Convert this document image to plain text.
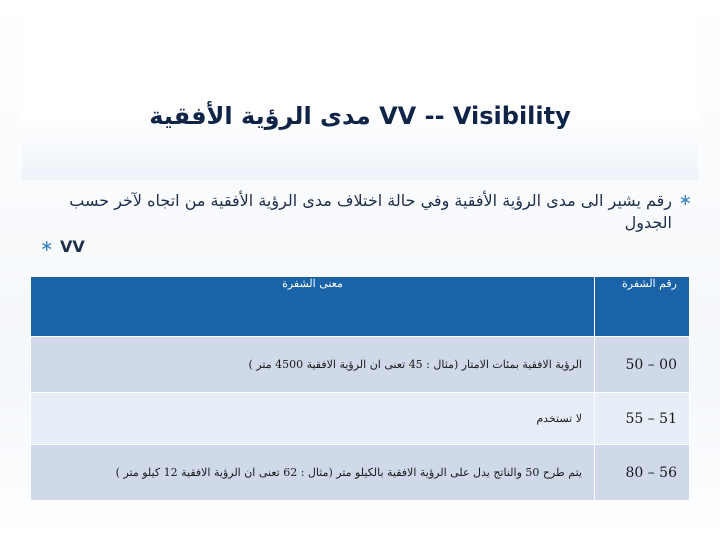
مدى الرؤية الأفقية VV -- Visibility
∗
رقم يشير الى مدى الرؤية الأفقية وفي حالة اختلاف مدى الرؤية الأفقية من اتجاه لآخر حسب الجدول
∗ VV
رقم الشفرة	معنى الشفرة
50 – 00	الرؤية الافقية بمئات الامتار (مثال : 45 تعنى ان الرؤية الافقية 4500 متر )
55 – 51	لا تستخدم
80 – 56	يتم طرح 50 والناتج يدل على الرؤية الافقية بالكيلو متر (مثال : 62 تعنى ان الرؤية الافقية 12 كيلو متر )
